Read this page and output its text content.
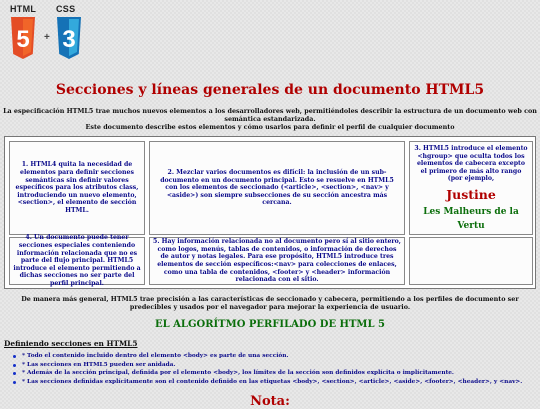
HTML
5 +
CSS
3
Secciones y líneas generales de un documento HTML5

La especificación HTML5 trae muchos nuevos elementos a los desarrolladores web, permitiéndoles describir la estructura de un documento web con semántica estandarizada.

Este documento describe estos elementos y cómo usarlos para definir el perfil de cualquier documento

1. HTML4 quita la necesidad de elementos para definir secciones semánticas sin definir valores específicos para los atributos class, introduciendo un nuevo elemento, <section>, el elemento de sección HTML.
2. Mezclar varios documentos es difícil: la inclusión de un sub-documento en un documento principal. Esto se resuelve en HTML5 con los elementos de seccionado (<article>, <section>, <nav> y <aside>) son siempre subsecciones de su sección ancestra más cercana.
3. HTML5 introduce el elemento <hgroup> que oculta todos los elementos de cabecera excepto el primero de más alto rango (por ejemplo,
Justine
Les Malheurs de la Vertu
4. Un documento puede tener secciones especiales conteniendo información relacionada que no es parte del flujo principal. HTML5 introduce el elemento permitiendo a dichas secciones no ser parte del perfil principal.
5. Hay información relacionada no al documento pero sí al sitio entero, como logos, menús, tablas de contenidos, o información de derechos de autor y notas legales. Para ese propósito, HTML5 introduce tres elementos de sección específicos:<nav> para colecciones de enlaces, como una tabla de contenidos, <footer> y <header> información relacionada con el sitio.

De manera más general, HTML5 trae precisión a las características de seccionado y cabecera, permitiendo a los perfiles de documento ser predecibles y usados por el navegador para mejorar la experiencia de usuario.

EL ALGORÍTMO PERFILADO DE HTML 5

Definiendo secciones en HTML5

* Todo el contenido incluido dentro del elemento <body> es parte de una sección.
* Las secciones en HTML5 pueden ser anidada.
* Además de la sección principal, definida por el elemento <body>, los límites de la sección son definidos explícita o implícitamente.
* Las secciones definidas explícitamente son el contenido definido en las etiquetas <body>, <section>, <article>, <aside>, <footer>, <header>, y <nav>.

Nota:
